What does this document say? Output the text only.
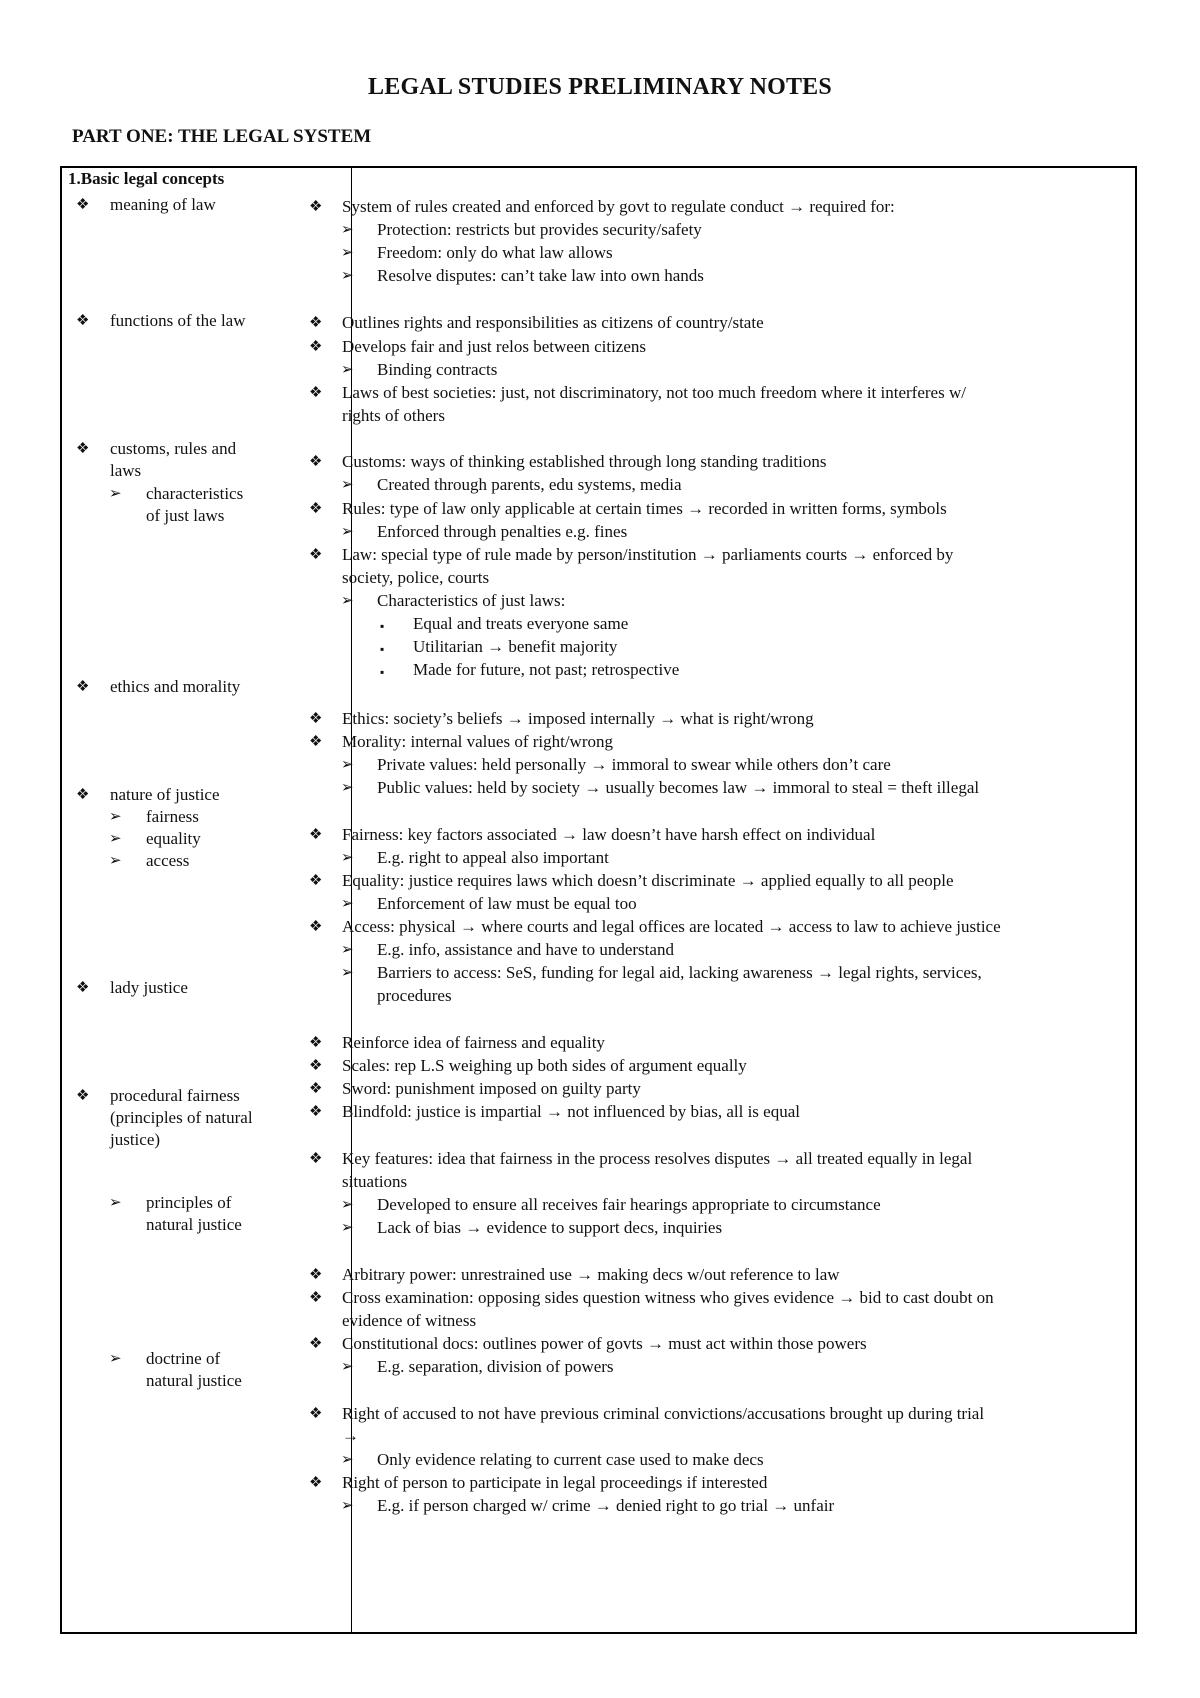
LEGAL STUDIES PRELIMINARY NOTES
PART ONE: THE LEGAL SYSTEM
1.Basic legal concepts
❖ meaning of law
❖ functions of the law
❖ customs, rules and
laws
➢ characteristics
of just laws
❖ ethics and morality
❖ nature of justice
➢ fairness
➢ equality
➢ access
❖ lady justice
❖ procedural fairness
(principles of natural
justice)
➢ principles of
natural justice
➢ doctrine of
natural justice
❖ System of rules created and enforced by govt to regulate conduct → required for:
➢ Protection: restricts but provides security/safety
➢ Freedom: only do what law allows
➢ Resolve disputes: can’t take law into own hands
❖ Outlines rights and responsibilities as citizens of country/state
❖ Develops fair and just relos between citizens
➢ Binding contracts
❖ Laws of best societies: just, not discriminatory, not too much freedom where it interferes w/
rights of others
❖ Customs: ways of thinking established through long standing traditions
➢ Created through parents, edu systems, media
❖ Rules: type of law only applicable at certain times → recorded in written forms, symbols
➢ Enforced through penalties e.g. fines
❖ Law: special type of rule made by person/institution → parliaments courts → enforced by
society, police, courts
➢ Characteristics of just laws:
▪ Equal and treats everyone same
▪ Utilitarian → benefit majority
▪ Made for future, not past; retrospective
❖ Ethics: society’s beliefs → imposed internally → what is right/wrong
❖ Morality: internal values of right/wrong
➢ Private values: held personally → immoral to swear while others don’t care
➢ Public values: held by society → usually becomes law → immoral to steal = theft illegal
❖ Fairness: key factors associated → law doesn’t have harsh effect on individual
➢ E.g. right to appeal also important
❖ Equality: justice requires laws which doesn’t discriminate → applied equally to all people
➢ Enforcement of law must be equal too
❖ Access: physical → where courts and legal offices are located → access to law to achieve justice
➢ E.g. info, assistance and have to understand
➢ Barriers to access: SeS, funding for legal aid, lacking awareness → legal rights, services,
procedures
❖ Reinforce idea of fairness and equality
❖ Scales: rep L.S weighing up both sides of argument equally
❖ Sword: punishment imposed on guilty party
❖ Blindfold: justice is impartial → not influenced by bias, all is equal
❖ Key features: idea that fairness in the process resolves disputes → all treated equally in legal
situations
➢ Developed to ensure all receives fair hearings appropriate to circumstance
➢ Lack of bias → evidence to support decs, inquiries
❖ Arbitrary power: unrestrained use → making decs w/out reference to law
❖ Cross examination: opposing sides question witness who gives evidence → bid to cast doubt on
evidence of witness
❖ Constitutional docs: outlines power of govts → must act within those powers
➢ E.g. separation, division of powers
❖ Right of accused to not have previous criminal convictions/accusations brought up during trial
→
➢ Only evidence relating to current case used to make decs
❖ Right of person to participate in legal proceedings if interested
➢ E.g. if person charged w/ crime → denied right to go trial → unfair
